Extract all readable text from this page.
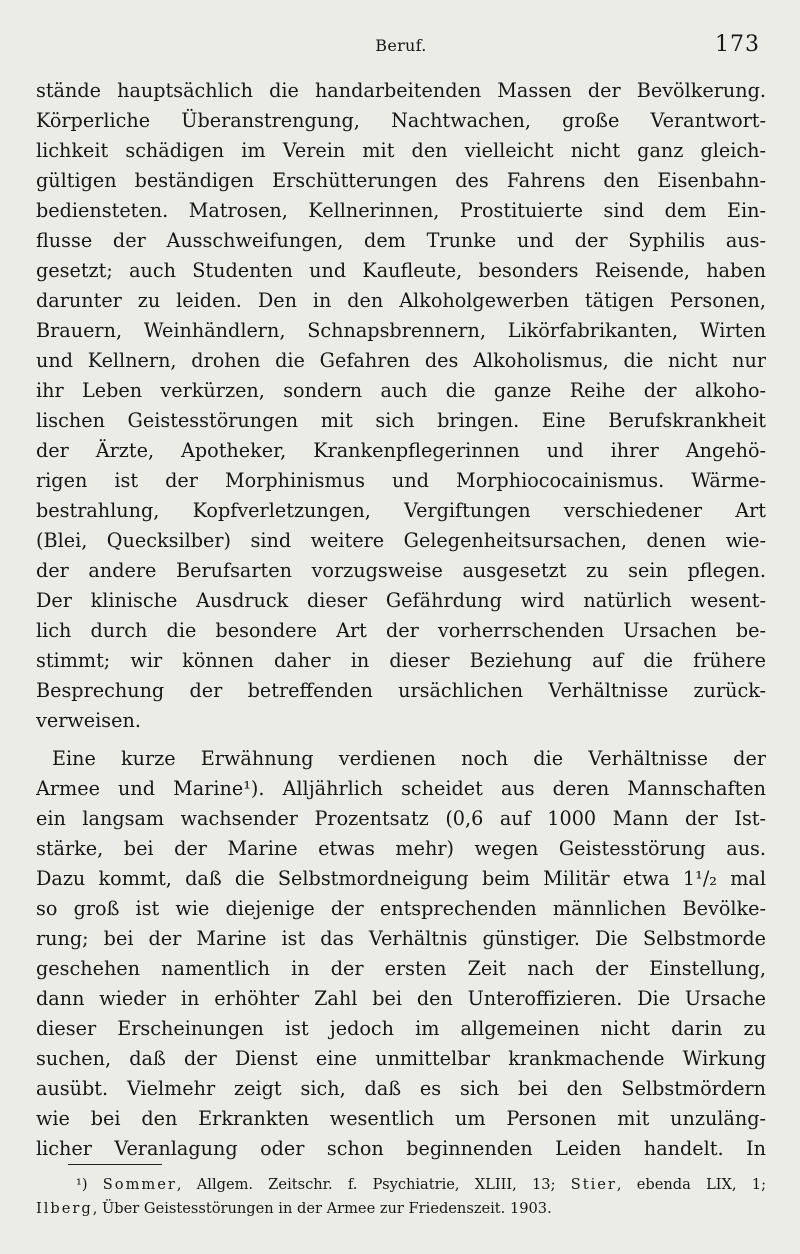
Beruf.	173
stände hauptsächlich die handarbeitenden Massen der Bevölkerung.
Körperliche Überanstrengung, Nachtwachen, große Verantwort-
lichkeit schädigen im Verein mit den vielleicht nicht ganz gleich-
gültigen beständigen Erschütterungen des Fahrens den Eisenbahn-
bediensteten. Matrosen, Kellnerinnen, Prostituierte sind dem Ein-
flusse der Ausschweifungen, dem Trunke und der Syphilis aus-
gesetzt; auch Studenten und Kaufleute, besonders Reisende, haben
darunter zu leiden. Den in den Alkoholgewerben tätigen Personen,
Brauern, Weinhändlern, Schnapsbrennern, Likörfabrikanten, Wirten
und Kellnern, drohen die Gefahren des Alkoholismus, die nicht nur
ihr Leben verkürzen, sondern auch die ganze Reihe der alkoho-
lischen Geistesstörungen mit sich bringen. Eine Berufskrankheit
der Ärzte, Apotheker, Krankenpflegerinnen und ihrer Angehö-
rigen ist der Morphinismus und Morphiococainismus. Wärme-
bestrahlung, Kopfverletzungen, Vergiftungen verschiedener Art
(Blei, Quecksilber) sind weitere Gelegenheitsursachen, denen wie-
der andere Berufsarten vorzugsweise ausgesetzt zu sein pflegen.
Der klinische Ausdruck dieser Gefährdung wird natürlich wesent-
lich durch die besondere Art der vorherrschenden Ursachen be-
stimmt; wir können daher in dieser Beziehung auf die frühere
Besprechung der betreffenden ursächlichen Verhältnisse zurück-
verweisen.
Eine kurze Erwähnung verdienen noch die Verhältnisse der
Armee und Marine¹). Alljährlich scheidet aus deren Mannschaften
ein langsam wachsender Prozentsatz (0,6 auf 1000 Mann der Ist-
stärke, bei der Marine etwas mehr) wegen Geistesstörung aus.
Dazu kommt, daß die Selbstmordneigung beim Militär etwa 1¹/₂ mal
so groß ist wie diejenige der entsprechenden männlichen Bevölke-
rung; bei der Marine ist das Verhältnis günstiger. Die Selbstmorde
geschehen namentlich in der ersten Zeit nach der Einstellung,
dann wieder in erhöhter Zahl bei den Unteroffizieren. Die Ursache
dieser Erscheinungen ist jedoch im allgemeinen nicht darin zu
suchen, daß der Dienst eine unmittelbar krankmachende Wirkung
ausübt. Vielmehr zeigt sich, daß es sich bei den Selbstmördern
wie bei den Erkrankten wesentlich um Personen mit unzuläng-
licher Veranlagung oder schon beginnenden Leiden handelt. In
¹) Sommer, Allgem. Zeitschr. f. Psychiatrie, XLIII, 13; Stier, ebenda LIX, 1;
Ilberg, Über Geistesstörungen in der Armee zur Friedenszeit. 1903.
